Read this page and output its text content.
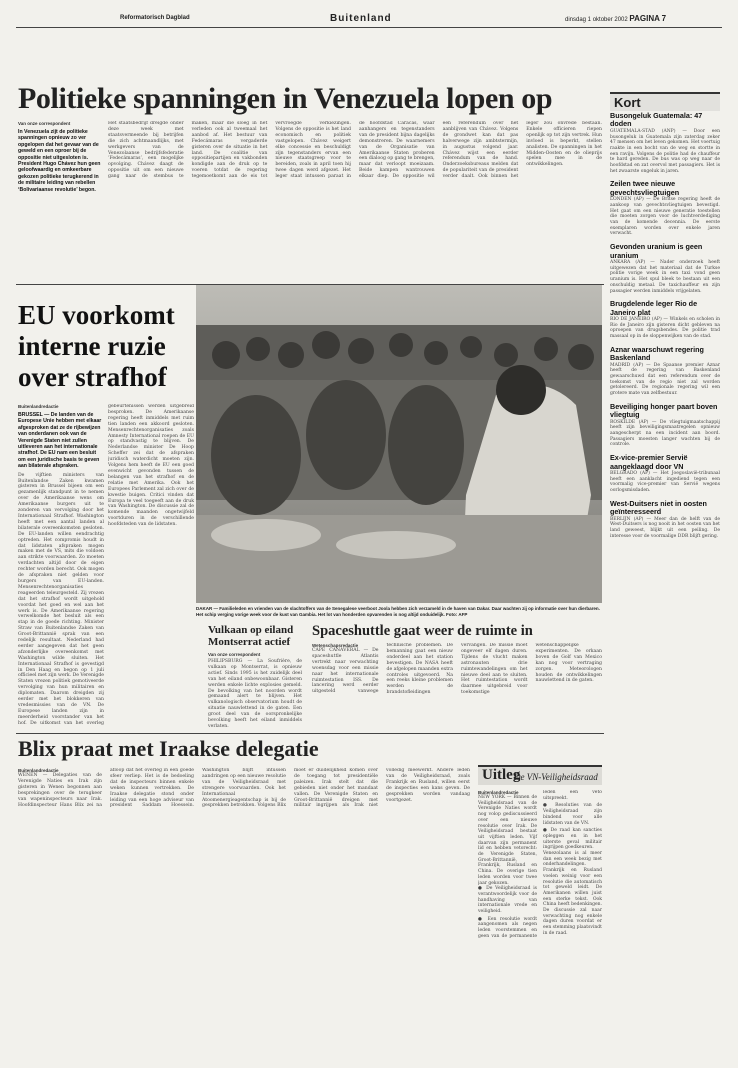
Reformatorisch Dagblad	Buitenland	dinsdag 1 oktober 2002 PAGINA 7
Politieke spanningen in Venezuela lopen op
Van onze correspondent
In Venezuela zijt de politieke spanningen opnieuw zo ver opgelopen dat het gevaar van de geweld en een oproer bij de oppositie niet uitgesloten is. President Hugo Chávez hun geen geloofwaardig en omkeerbare gekozen politieke terugkerend in de militaire leiding van rebellen ‘Bolivariaanse revolutie’ begon.
Het staatsbedrijf dreigde onder deze week met staatsvermeende bij betrijfen die zich achtmaandlijks, met werkgevers van de Venezolaanse bedrijfsfederatie ‘Fedecámaras’, een mogelijke opvolging. Chávez daagt de oppositie uit om een nieuwe gang naar de stembus te maken, maar die sloeg in het verleden ook al tweemaal het aanbod af. Het bestuur van Fedecámaras vergaderde gisteren over de situatie in het land. De coalitie van oppositiepartijen en vakbonden kondigde aan de druk op te voeren totdat de regering tegemoetkomt aan de eis tot vervroegde verkiezingen. Volgens de oppositie is het land economisch en politiek vastgelopen. Chávez weigert elke concessie en beschuldigt zijn tegenstanders ervan een nieuwe staatsgreep voor te bereiden, zoals in april toen hij twee dagen werd afgezet. Het leger staat intussen paraat in de hoofdstad Caracas, waar aanhangers en tegenstanders van de president bijna dagelijks demonstreren. De waarnemers van de Organisatie van Amerikaanse Staten proberen een dialoog op gang te brengen, maar dat verloopt moeizaam. Beide kampen wantrouwen elkaar diep. De oppositie wil een referendum over het aanblijven van Chávez. Volgens de grondwet kan dat pas halverwege zijn ambtstermijn, in augustus volgend jaar. Chávez wijst een eerder referendum van de hand. Onderzoeksbureaus melden dat de populariteit van de president verder daalt. Ook binnen het leger zou onvrede bestaan. Enkele officieren riepen openlijk op tot zijn vertrek. Hun invloed is beperkt, stellen analisten. De spanningen in het Midden-Oosten en de olieprijs spelen mee in de ontwikkelingen.
Kort
Busongeluk Guatemala: 47 doden
GUATEMALA-STAD (ANP) — Door een busongeluk in Guatemala zijn zaterdag zeker 47 mensen om het leven gekomen. Het voertuig raakte in een bocht van de weg en stortte in een ravijn. Volgens de politie had de chauffeur te hard gereden. De bus was op weg naar de hoofdstad en zat overvol met passagiers. Het is het zwaarste ongeluk in jaren.
Zeilen twee nieuwe gevechtsvliegtuigen
LONDEN (AP) — De Britse regering heeft de aankoop van gevechtsvliegtuigen bevestigd. Het gaat om een nieuwe generatie toestellen die moeten zorgen voor de luchtverdediging van de komende decennia. De eerste exemplaren worden over enkele jaren verwacht.
Gevonden uranium is geen uranium
ANKARA (AP) — Nader onderzoek heeft uitgewezen dat het materiaal dat de Turkse politie vorige week in een taxi vond geen uranium is. Het spul bleek te bestaan uit een onschuldig metaal. De taxichauffeur en zijn passagier werden inmiddels vrijgelaten.
Brugdelende leger Rio de Janeiro plat
RIO DE JANEIRO (AP) — Winkels en scholen in Rio de Janeiro zijn gisteren dicht gebleven na oproepen van drugsbendes. De politie trad massaal op in de sloppenwijken van de stad.
Aznar waarschuwt regering Baskenland
MADRID (AP) — De Spaanse premier Aznar heeft de regering van Baskenland gewaarschuwd dat een referendum over de toekomst van de regio niet zal worden getolereerd. De regionale regering wil een grotere mate van zelfbestuur.
Beveiliging honger paart boven vliegtuig
ROSKILDE (AP) — De vliegtuigmaatschappij heeft zijn beveiligingsmaatregelen opnieuw aangescherpt na een incident aan boord. Passagiers moesten langer wachten bij de controle.
Ex-vice-premier Servië aangeklaagd door VN
BELGRADO (AP) — Het Joegoslavië-tribunaal heeft een aanklacht ingediend tegen een voormalig vice-premier van Servië wegens oorlogsmisdaden.
West-Duitsers niet in oosten geïnteresseerd
BERLIJN (AP) — Meer dan de helft van de West-Duitsers is nog nooit in het oosten van het land geweest, blijkt uit een peiling. De interesse voor de voormalige DDR blijft gering.
EU voorkomt interne ruzie over strafhof
Buitenlandredactie
BRUSSEL — De landen van de Europese Unie hebben met elkaar afgesproken dat ze de rijbewijzen van onderdanen ook van de Verenigde Staten niet zullen uitleveren aan het internationale strafhof. De EU nam een besluit om een juridische basis te geven aan bilaterale afspraken.
De vijftien ministers van Buitenlandse Zaken kwamen gisteren in Brussel bijeen om een gezamenlijk standpunt in te nemen over de Amerikaanse wens om Amerikaanse burgers uit te zonderen van vervolging door het Internationaal Strafhof. Washington heeft met een aantal landen al bilaterale overeenkomsten gesloten. De EU-landen willen eendrachtig optreden. Het compromis houdt in dat lidstaten afspraken mogen maken met de VS, mits die voldoen aan strikte voorwaarden. Zo moeten verdachten altijd door de eigen rechter worden berecht. Ook mogen de afspraken niet gelden voor burgers van EU-landen. Mensenrechtenorganisaties reageerden teleurgesteld. Zij vrezen dat het strafhof wordt uitgehold voordat het goed en wel aan het werk is. De Amerikaanse regering verwelkomde het besluit als een stap in de goede richting. Minister Straw van Buitenlandse Zaken van Groot-Brittannië sprak van een redelijk resultaat. Nederland had eerder aangegeven dat het geen afzonderlijke overeenkomst met Washington wilde sluiten. Het Internationaal Strafhof is gevestigd in Den Haag en begon op 1 juli officieel met zijn werk. De Verenigde Staten vrezen politiek gemotiveerde vervolging van hun militairen en diplomaten. Daarom dreigden zij eerder met het blokkeren van vredesmissies van de VN. De Europese landen zijn in meerderheid voorstander van het hof. De uitkomst van het overleg
gebeurtenissen werden uitgebreid besproken. De Amerikaanse regering heeft inmiddels met ruim tien landen een akkoord gesloten. Mensenrechtenorganisaties zoals Amnesty International roepen de EU op standvastig te blijven. De Nederlandse minister De Hoop Scheffer zei dat de afspraken juridisch waterdicht moeten zijn. Volgens hem heeft de EU een goed evenwicht gevonden tussen de belangen van het strafhof en de relatie met Amerika. Ook het Europees Parlement zal zich over de kwestie buigen. Critici vinden dat Europa te veel toegeeft aan de druk van Washington. De discussie zal de komende maanden ongetwijfeld voortduren in de verschillende hoofdsteden van de lidstaten.
DAKAR — Familieleden en vrienden van de slachtoffers van de Senegalese veerboot Joola hebben zich verzameld in de haven van Dakar. Daar wachten zij op informatie over hun dierbaren. Het schip verging vorige week voor de kust van Gambia. Het lot van honderden opvarenden is nog altijd onduidelijk. Foto: AFP
Vulkaan op eiland Montserrat actief
Van onze correspondent
PHILIPSBURG — La Soufrière, de vulkaan op Montserrat, is opnieuw actief. Sinds 1995 is het zuidelijk deel van het eiland onbewoonbaar. Gisteren werden enkele lichte explosies gemeld. De bevolking van het noorden wordt gemaand alert te blijven. Het vulkanologisch observatorium houdt de situatie nauwlettend in de gaten. Een groot deel van de oorspronkelijke bevolking heeft het eiland inmiddels verlaten.
Spaceshuttle gaat weer de ruimte in
Wetenschapsredactie
CAPE CANAVERAL — De spaceshuttle Atlantis vertrekt naar verwachting woensdag voor een missie naar het internationale ruimtestation ISS. De lancering werd eerder uitgesteld vanwege technische problemen. De bemanning gaat een nieuw onderdeel aan het station bevestigen. De NASA heeft de afgelopen maanden extra controles uitgevoerd. Na een reeks kleine problemen werden de brandstofleidingen vervangen. De missie moet ongeveer elf dagen duren. Tijdens de vlucht maken astronauten drie ruimtewandelingen om het nieuwe deel aan te sluiten. Het ruimtestation wordt daarmee uitgebreid voor toekomstige wetenschappelijke experimenten. De orkaan boven de Golf van Mexico kan nog voor vertraging zorgen. Meteorologen houden de ontwikkelingen nauwlettend in de gaten.
Blix praat met Iraakse delegatie
Buitenlandredactie
WENEN — Delegaties van de Verenigde Naties en Irak zijn gisteren in Wenen begonnen aan besprekingen over de terugkeer van wapeninspecteurs naar Irak. Hoofdinspecteur Hans Blix zei na afloop dat het overleg in een goede sfeer verliep. Het is de bedoeling dat de inspecteurs binnen enkele weken kunnen vertrekken. De Iraakse delegatie stond onder leiding van een hoge adviseur van president Saddam Hoessein. Washington blijft intussen aandringen op een nieuwe resolutie van de Veiligheidsraad met strengere voorwaarden. Ook het Internationaal Atoomenergieagentschap is bij de gesprekken betrokken. Volgens Blix moet er duidelijkheid komen over de toegang tot presidentiële paleizen. Irak stelt dat die gebieden niet onder het mandaat vallen. De Verenigde Staten en Groot-Brittannië dreigen met militair ingrijpen als Irak niet volledig meewerkt. Andere leden van de Veiligheidsraad, zoals Frankrijk en Rusland, willen eerst de inspecties een kans geven. De gesprekken worden vandaag voortgezet.
Uitleg
De VN-Veiligheidsraad
Buitenlandredactie
NEW YORK — Binnen de Veiligheidsraad van de Verenigde Naties wordt nog volop gediscussieerd over een nieuwe resolutie over Irak. De Veiligheidsraad bestaat uit vijftien leden. Vijf daarvan zijn permanent lid en hebben vetorecht: de Verenigde Staten, Groot-Brittannië, Frankrijk, Rusland en China. De overige tien leden worden voor twee jaar gekozen.
● De Veiligheidsraad is verantwoordelijk voor de handhaving van internationale vrede en veiligheid.
● Een resolutie wordt aangenomen als negen leden voorstemmen en geen van de permanente leden een veto uitspreekt.
● Resoluties van de Veiligheidsraad zijn bindend voor alle lidstaten van de VN.
● De raad kan sancties opleggen en in het uiterste geval militair ingrijpen goedkeuren.
Venezolaans is al meer dan een week bezig met onderhandelingen. Frankrijk en Rusland voelen weinig voor een resolutie die automatisch tot geweld leidt. De Amerikanen willen juist een sterke tekst. Ook China heeft bedenkingen. De discussie zal naar verwachting nog enkele dagen duren voordat er een stemming plaatsvindt in de raad.
